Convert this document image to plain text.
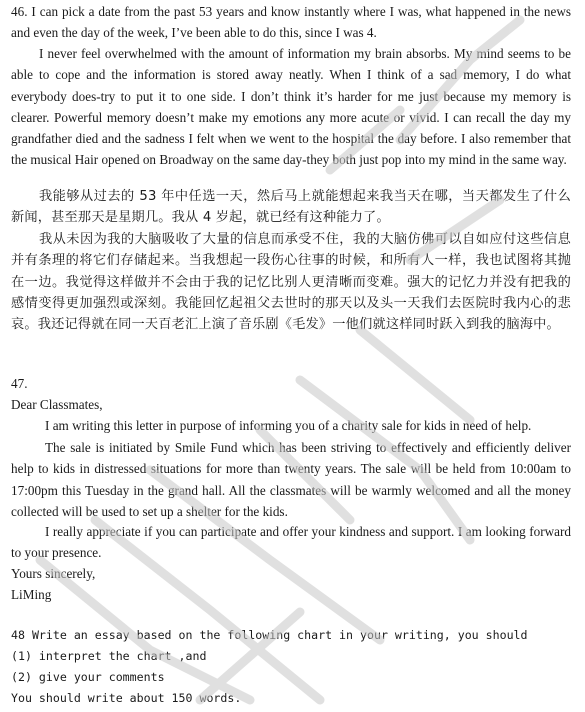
46. I can pick a date from the past 53 years and know instantly where I was, what happened in the news and even the day of the week, I’ve been able to do this, since I was 4.

I never feel overwhelmed with the amount of information my brain absorbs. My mind seems to be able to cope and the information is stored away neatly. When I think of a sad memory, I do what everybody does-try to put it to one side. I don’t think it’s harder for me just because my memory is clearer. Powerful memory doesn’t make my emotions any more acute or vivid. I can recall the day my grandfather died and the sadness I felt when we went to the hospital the day before. I also remember that the musical Hair opened on Broadway on the same day-they both just pop into my mind in the same way.

我能够从过去的 53 年中任选一天，然后马上就能想起来我当天在哪，当天都发生了什么新闻，甚至那天是星期几。我从 4 岁起，就已经有这种能力了。

我从未因为我的大脑吸收了大量的信息而承受不住，我的大脑仿佛可以自如应付这些信息并有条理的将它们存储起来。当我想起一段伤心往事的时候，和所有人一样，我也试图将其抛在一边。我觉得这样做并不会由于我的记忆比别人更清晰而变难。强大的记忆力并没有把我的感情变得更加强烈或深刻。我能回忆起祖父去世时的那天以及头一天我们去医院时我内心的悲哀。我还记得就在同一天百老汇上演了音乐剧《毛发》一他们就这样同时跃入到我的脑海中。

47.

Dear Classmates,

I am writing this letter in purpose of informing you of a charity sale for kids in need of help.

The sale is initiated by Smile Fund which has been striving to effectively and efficiently deliver help to kids in distressed situations for more than twenty years. The sale will be held from 10:00am to 17:00pm this Tuesday in the grand hall. All the classmates will be warmly welcomed and all the money collected will be used to set up a shelter for the kids.

I really appreciate if you can participate and offer your kindness and support. I am looking forward to your presence.

Yours sincerely,

LiMing

48 Write an essay based on the following chart in your writing, you should

(1) interpret the chart ,and

(2) give your comments

You should write about 150 words.
